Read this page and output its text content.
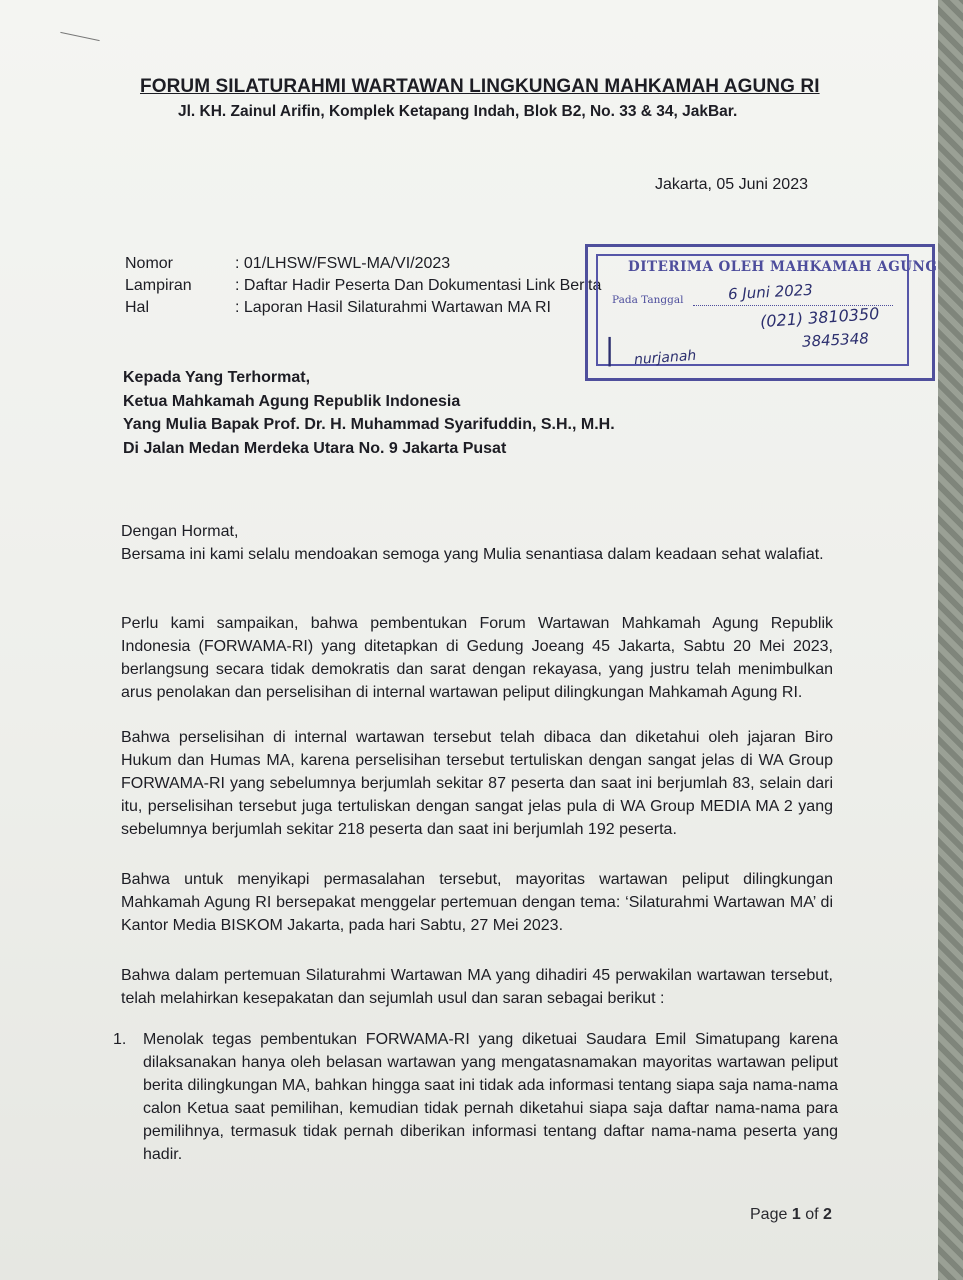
FORUM SILATURAHMI WARTAWAN LINGKUNGAN MAHKAMAH AGUNG RI
Jl. KH. Zainul Arifin, Komplek Ketapang Indah, Blok B2, No. 33 & 34, JakBar.
Jakarta, 05 Juni 2023
Nomor	: 01/LHSW/FSWL-MA/VI/2023
Lampiran	: Daftar Hadir Peserta Dan Dokumentasi Link Berita
Hal	: Laporan Hasil Silaturahmi Wartawan MA RI
DITERIMA OLEH MAHKAMAH AGUNG
Pada Tanggal	6 Juni 2023
(021) 3810350
3845348
∣ nurjanah
Kepada Yang Terhormat,
Ketua Mahkamah Agung Republik Indonesia
Yang Mulia Bapak Prof. Dr. H. Muhammad Syarifuddin, S.H., M.H.
Di Jalan Medan Merdeka Utara No. 9 Jakarta Pusat
Dengan Hormat,
Bersama ini kami selalu mendoakan semoga yang Mulia senantiasa dalam keadaan sehat walafiat.
Perlu kami sampaikan, bahwa pembentukan Forum Wartawan Mahkamah Agung Republik Indonesia (FORWAMA-RI) yang ditetapkan di Gedung Joeang 45 Jakarta, Sabtu 20 Mei 2023, berlangsung secara tidak demokratis dan sarat dengan rekayasa, yang justru telah menimbulkan arus penolakan dan perselisihan di internal wartawan peliput dilingkungan Mahkamah Agung RI.
Bahwa perselisihan di internal wartawan tersebut telah dibaca dan diketahui oleh jajaran Biro Hukum dan Humas MA, karena perselisihan tersebut tertuliskan dengan sangat jelas di WA Group FORWAMA-RI yang sebelumnya berjumlah sekitar 87 peserta dan saat ini berjumlah 83, selain dari itu, perselisihan tersebut juga tertuliskan dengan sangat jelas pula di WA Group MEDIA MA 2 yang sebelumnya berjumlah sekitar 218 peserta dan saat ini berjumlah 192 peserta.
Bahwa untuk menyikapi permasalahan tersebut, mayoritas wartawan peliput dilingkungan Mahkamah Agung RI bersepakat menggelar pertemuan dengan tema: ‘Silaturahmi Wartawan MA’ di Kantor Media BISKOM Jakarta, pada hari Sabtu, 27 Mei 2023.
Bahwa dalam pertemuan Silaturahmi Wartawan MA yang dihadiri 45 perwakilan wartawan tersebut, telah melahirkan kesepakatan dan sejumlah usul dan saran sebagai berikut :
1.	Menolak tegas pembentukan FORWAMA-RI yang diketuai Saudara Emil Simatupang karena dilaksanakan hanya oleh belasan wartawan yang mengatasnamakan mayoritas wartawan peliput berita dilingkungan MA, bahkan hingga saat ini tidak ada informasi tentang siapa saja nama-nama calon Ketua saat pemilihan, kemudian tidak pernah diketahui siapa saja daftar nama-nama para pemilihnya, termasuk tidak pernah diberikan informasi tentang daftar nama-nama peserta yang hadir.
Page 1 of 2
